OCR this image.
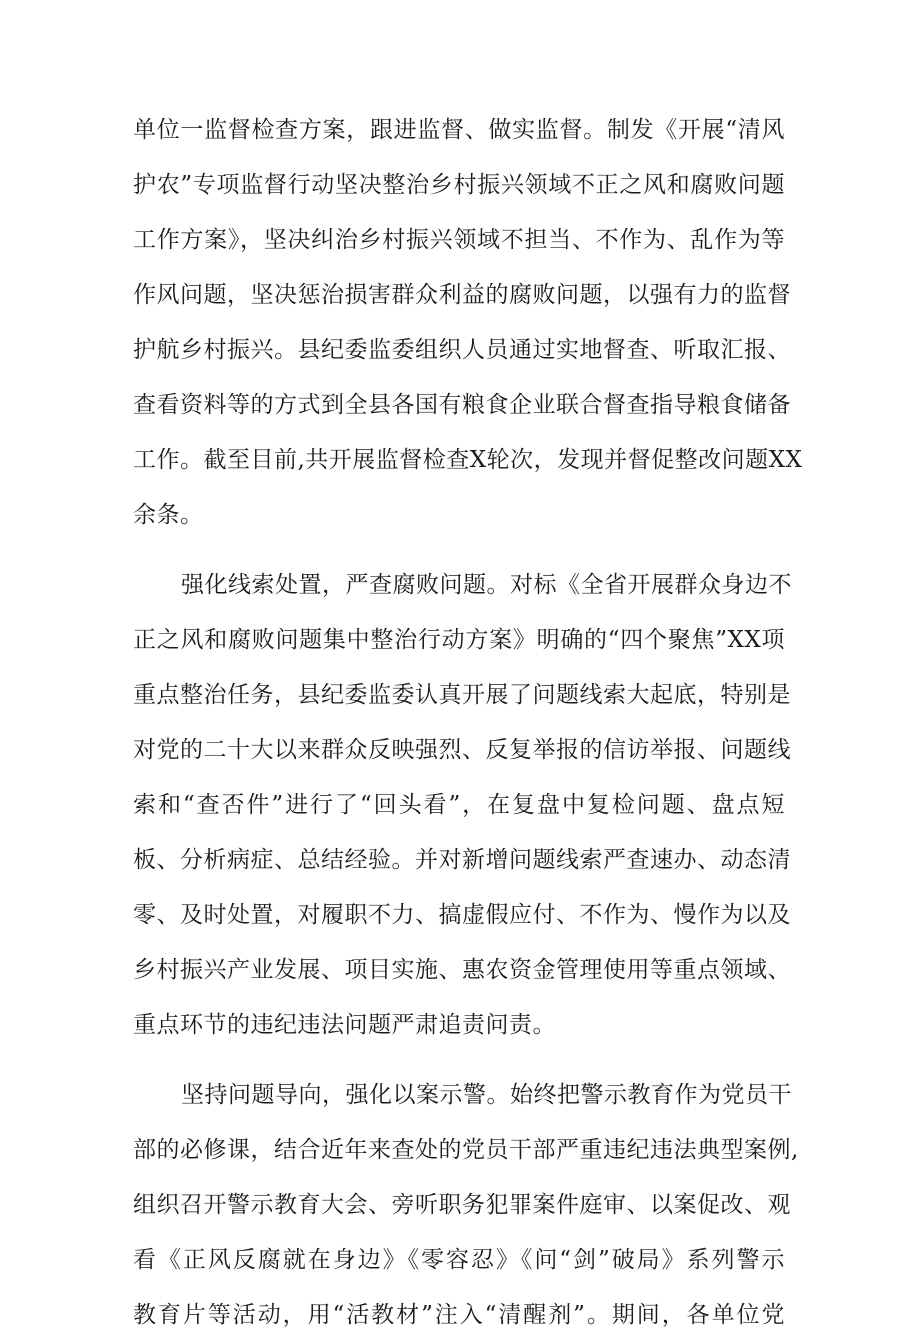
单位一监督检查方案，跟进监督、做实监督。制发《开展“清风
护农”专项监督行动坚决整治乡村振兴领域不正之风和腐败问题
工作方案》，坚决纠治乡村振兴领域不担当、不作为、乱作为等
作风问题，坚决惩治损害群众利益的腐败问题，以强有力的监督
护航乡村振兴。县纪委监委组织人员通过实地督查、听取汇报、
查看资料等的方式到全县各国有粮食企业联合督查指导粮食储备
工作。截至目前,共开展监督检查X轮次，发现并督促整改问题XX
余条。
强化线索处置，严查腐败问题。对标《全省开展群众身边不
正之风和腐败问题集中整治行动方案》明确的“四个聚焦”XX项
重点整治任务，县纪委监委认真开展了问题线索大起底，特别是
对党的二十大以来群众反映强烈、反复举报的信访举报、问题线
索和“查否件”进行了“回头看”，在复盘中复检问题、盘点短
板、分析病症、总结经验。并对新增问题线索严查速办、动态清
零、及时处置，对履职不力、搞虚假应付、不作为、慢作为以及
乡村振兴产业发展、项目实施、惠农资金管理使用等重点领域、
重点环节的违纪违法问题严肃追责问责。
坚持问题导向，强化以案示警。始终把警示教育作为党员干
部的必修课，结合近年来查处的党员干部严重违纪违法典型案例,
组织召开警示教育大会、旁听职务犯罪案件庭审、以案促改、观
看《正风反腐就在身边》《零容忍》《问“剑”破局》系列警示
教育片等活动，用“活教材”注入“清醒剂”。期间，各单位党
